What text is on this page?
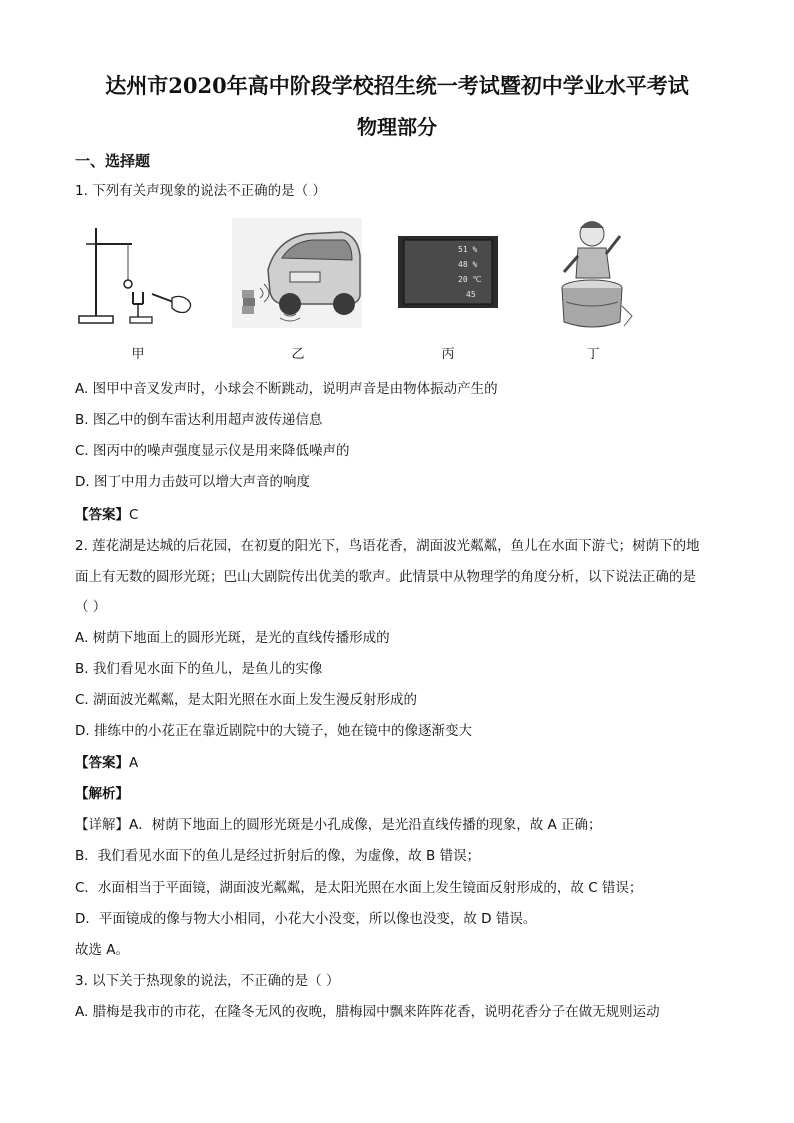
达州市2020年高中阶段学校招生统一考试暨初中学业水平考试
物理部分
一、选择题
1. 下列有关声现象的说法不正确的是（ ）
甲	乙
51 %
48 %
20 ℃
45
丙	丁
A. 图甲中音叉发声时，小球会不断跳动，说明声音是由物体振动产生的
B. 图乙中的倒车雷达利用超声波传递信息
C. 图丙中的噪声强度显示仪是用来降低噪声的
D. 图丁中用力击鼓可以增大声音的响度
【答案】C
2. 莲花湖是达城的后花园，在初夏的阳光下，鸟语花香，湖面波光粼粼，鱼儿在水面下游弋；树荫下的地
面上有无数的圆形光斑；巴山大剧院传出优美的歌声。此情景中从物理学的角度分析，以下说法正确的是
（ ）
A. 树荫下地面上的圆形光斑，是光的直线传播形成的
B. 我们看见水面下的鱼儿，是鱼儿的实像
C. 湖面波光粼粼，是太阳光照在水面上发生漫反射形成的
D. 排练中的小花正在靠近剧院中的大镜子，她在镜中的像逐渐变大
【答案】A
【解析】
【详解】A．树荫下地面上的圆形光斑是小孔成像，是光沿直线传播的现象，故 A 正确；
B．我们看见水面下的鱼儿是经过折射后的像，为虚像，故 B 错误；
C．水面相当于平面镜，湖面波光粼粼，是太阳光照在水面上发生镜面反射形成的，故 C 错误；
D．平面镜成的像与物大小相同，小花大小没变，所以像也没变，故 D 错误。
故选 A。
3. 以下关于热现象的说法，不正确的是（ ）
A. 腊梅是我市的市花，在隆冬无风的夜晚，腊梅园中飘来阵阵花香，说明花香分子在做无规则运动
